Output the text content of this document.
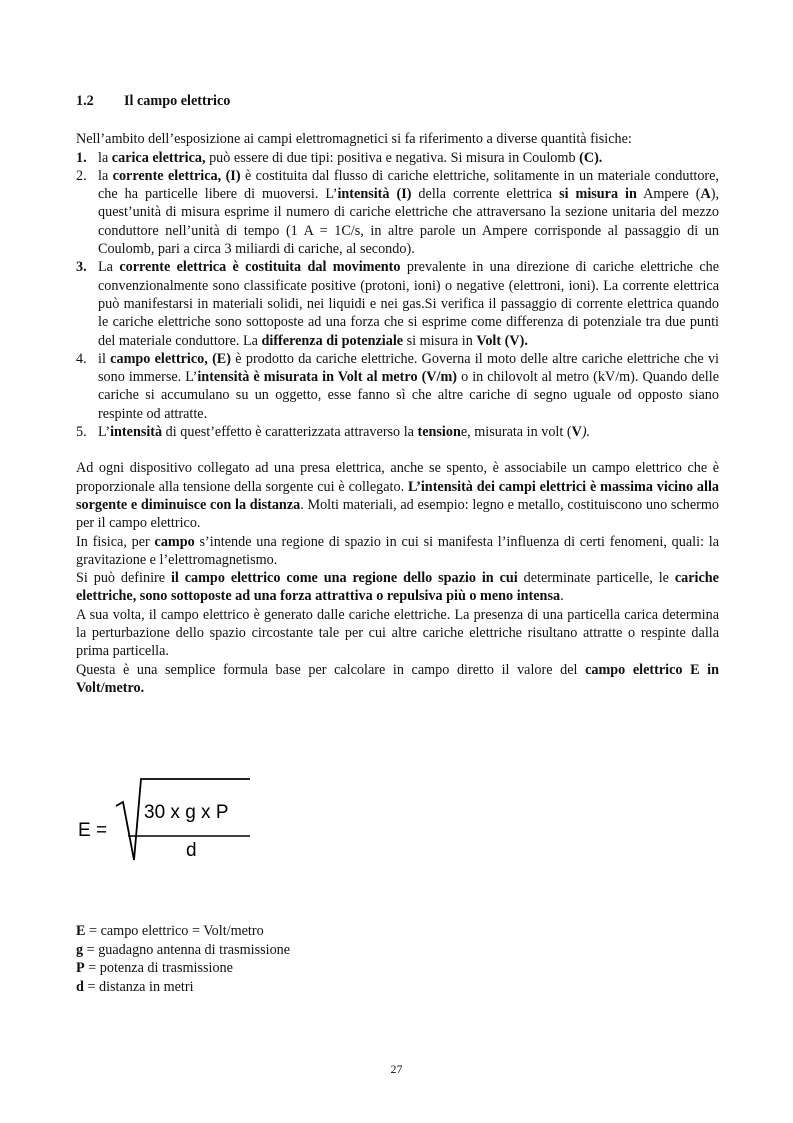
1.2	Il campo elettrico

Nell’ambito dell’esposizione ai campi elettromagnetici si fa riferimento a diverse quantità fisiche:

1. la carica elettrica, può essere di due tipi: positiva e negativa. Si misura in Coulomb (C).
2. la corrente elettrica, (I) è costituita dal flusso di cariche elettriche, solitamente in un materiale conduttore, che ha particelle libere di muoversi. L’intensità (I) della corrente elettrica si misura in Ampere (A), quest’unità di misura esprime il numero di cariche elettriche che attraversano la sezione unitaria del mezzo conduttore nell’unità di tempo (1 A = 1C/s, in altre parole un Ampere corrisponde al passaggio di un Coulomb, pari a circa 3 miliardi di cariche, al secondo).
3. La corrente elettrica è costituita dal movimento prevalente in una direzione di cariche elettriche che convenzionalmente sono classificate positive (protoni, ioni) o negative (elettroni, ioni). La corrente elettrica può manifestarsi in materiali solidi, nei liquidi e nei gas.Si verifica il passaggio di corrente elettrica quando le cariche elettriche sono sottoposte ad una forza che si esprime come differenza di potenziale tra due punti del materiale conduttore. La differenza di potenziale si misura in Volt (V).
4. il campo elettrico, (E) è prodotto da cariche elettriche. Governa il moto delle altre cariche elettriche che vi sono immerse. L’intensità è misurata in Volt al metro (V/m) o in chilovolt al metro (kV/m). Quando delle cariche si accumulano su un oggetto, esse fanno sì che altre cariche di segno uguale od opposto siano respinte od attratte.
5. L’intensità di quest’effetto è caratterizzata attraverso la tensione, misurata in volt (V).

Ad ogni dispositivo collegato ad una presa elettrica, anche se spento, è associabile un campo elettrico che è proporzionale alla tensione della sorgente cui è collegato. L’intensità dei campi elettrici è massima vicino alla sorgente e diminuisce con la distanza. Molti materiali, ad esempio: legno e metallo, costituiscono uno schermo per il campo elettrico.

In fisica, per campo s’intende una regione di spazio in cui si manifesta l’influenza di certi fenomeni, quali: la gravitazione e l’elettromagnetismo.

Si può definire il campo elettrico come una regione dello spazio in cui determinate particelle, le cariche elettriche, sono sottoposte ad una forza attrattiva o repulsiva più o meno intensa.

A sua volta, il campo elettrico è generato dalle cariche elettriche. La presenza di una particella carica determina la perturbazione dello spazio circostante tale per cui altre cariche elettriche risultano attratte o respinte dalla prima particella.

Questa è una semplice formula base per calcolare in campo diretto il valore del campo elettrico E in Volt/metro.

E =
30 x g x P
d
E = campo elettrico = Volt/metro
g = guadagno antenna di trasmissione
P = potenza di trasmissione
d = distanza in metri
27
